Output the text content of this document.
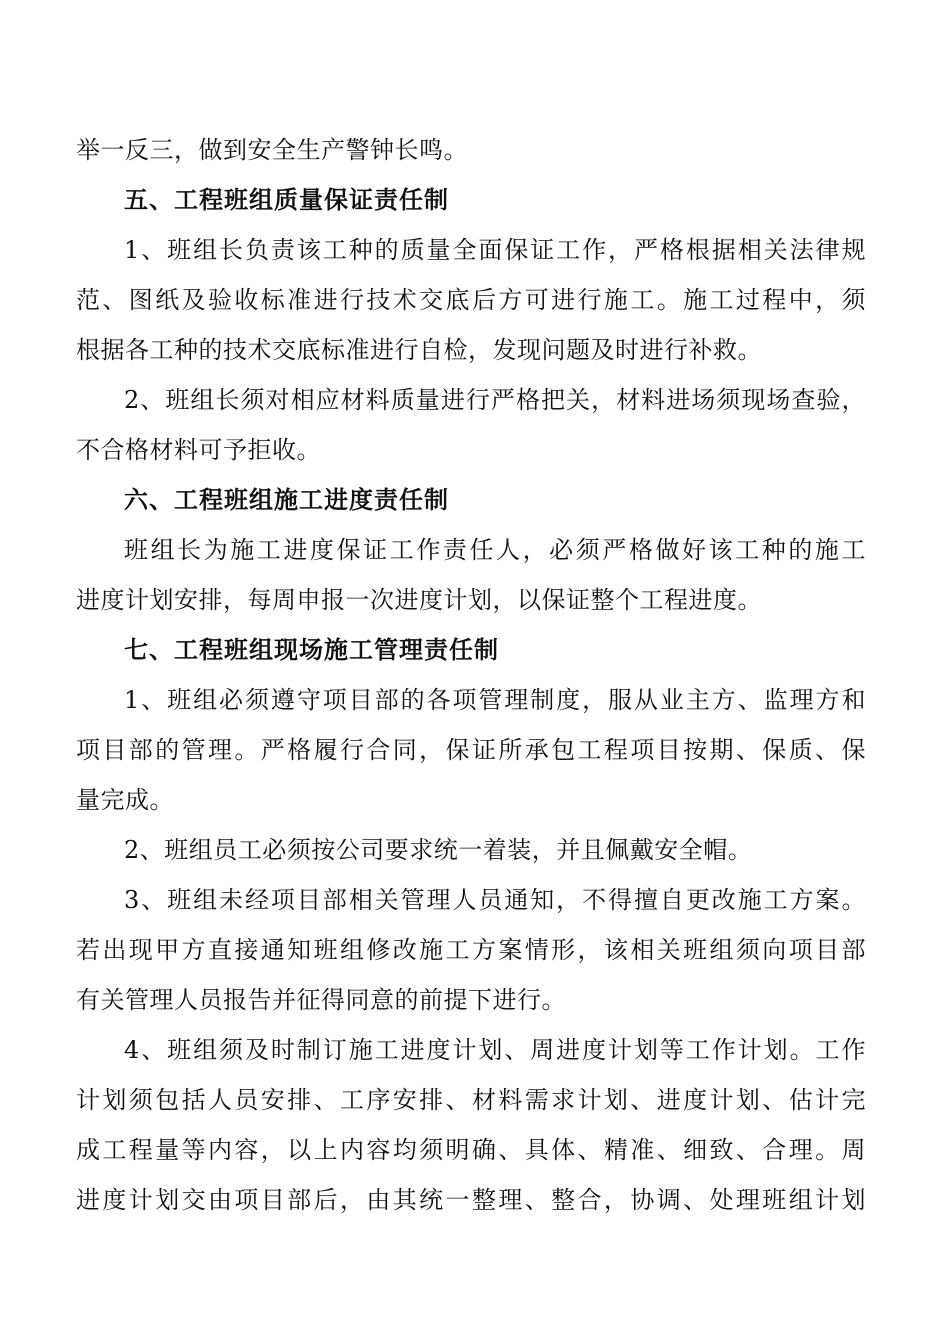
举一反三，做到安全生产警钟长鸣。
五、工程班组质量保证责任制
1、班组长负责该工种的质量全面保证工作，严格根据相关法律规
范、图纸及验收标准进行技术交底后方可进行施工。施工过程中，须
根据各工种的技术交底标准进行自检，发现问题及时进行补救。
2、班组长须对相应材料质量进行严格把关，材料进场须现场查验，
不合格材料可予拒收。
六、工程班组施工进度责任制
班组长为施工进度保证工作责任人，必须严格做好该工种的施工
进度计划安排，每周申报一次进度计划，以保证整个工程进度。
七、工程班组现场施工管理责任制
1、班组必须遵守项目部的各项管理制度，服从业主方、监理方和
项目部的管理。严格履行合同，保证所承包工程项目按期、保质、保
量完成。
2、班组员工必须按公司要求统一着装，并且佩戴安全帽。
3、班组未经项目部相关管理人员通知，不得擅自更改施工方案。
若出现甲方直接通知班组修改施工方案情形，该相关班组须向项目部
有关管理人员报告并征得同意的前提下进行。
4、班组须及时制订施工进度计划、周进度计划等工作计划。工作
计划须包括人员安排、工序安排、材料需求计划、进度计划、估计完
成工程量等内容，以上内容均须明确、具体、精准、细致、合理。周
进度计划交由项目部后，由其统一整理、整合，协调、处理班组计划
